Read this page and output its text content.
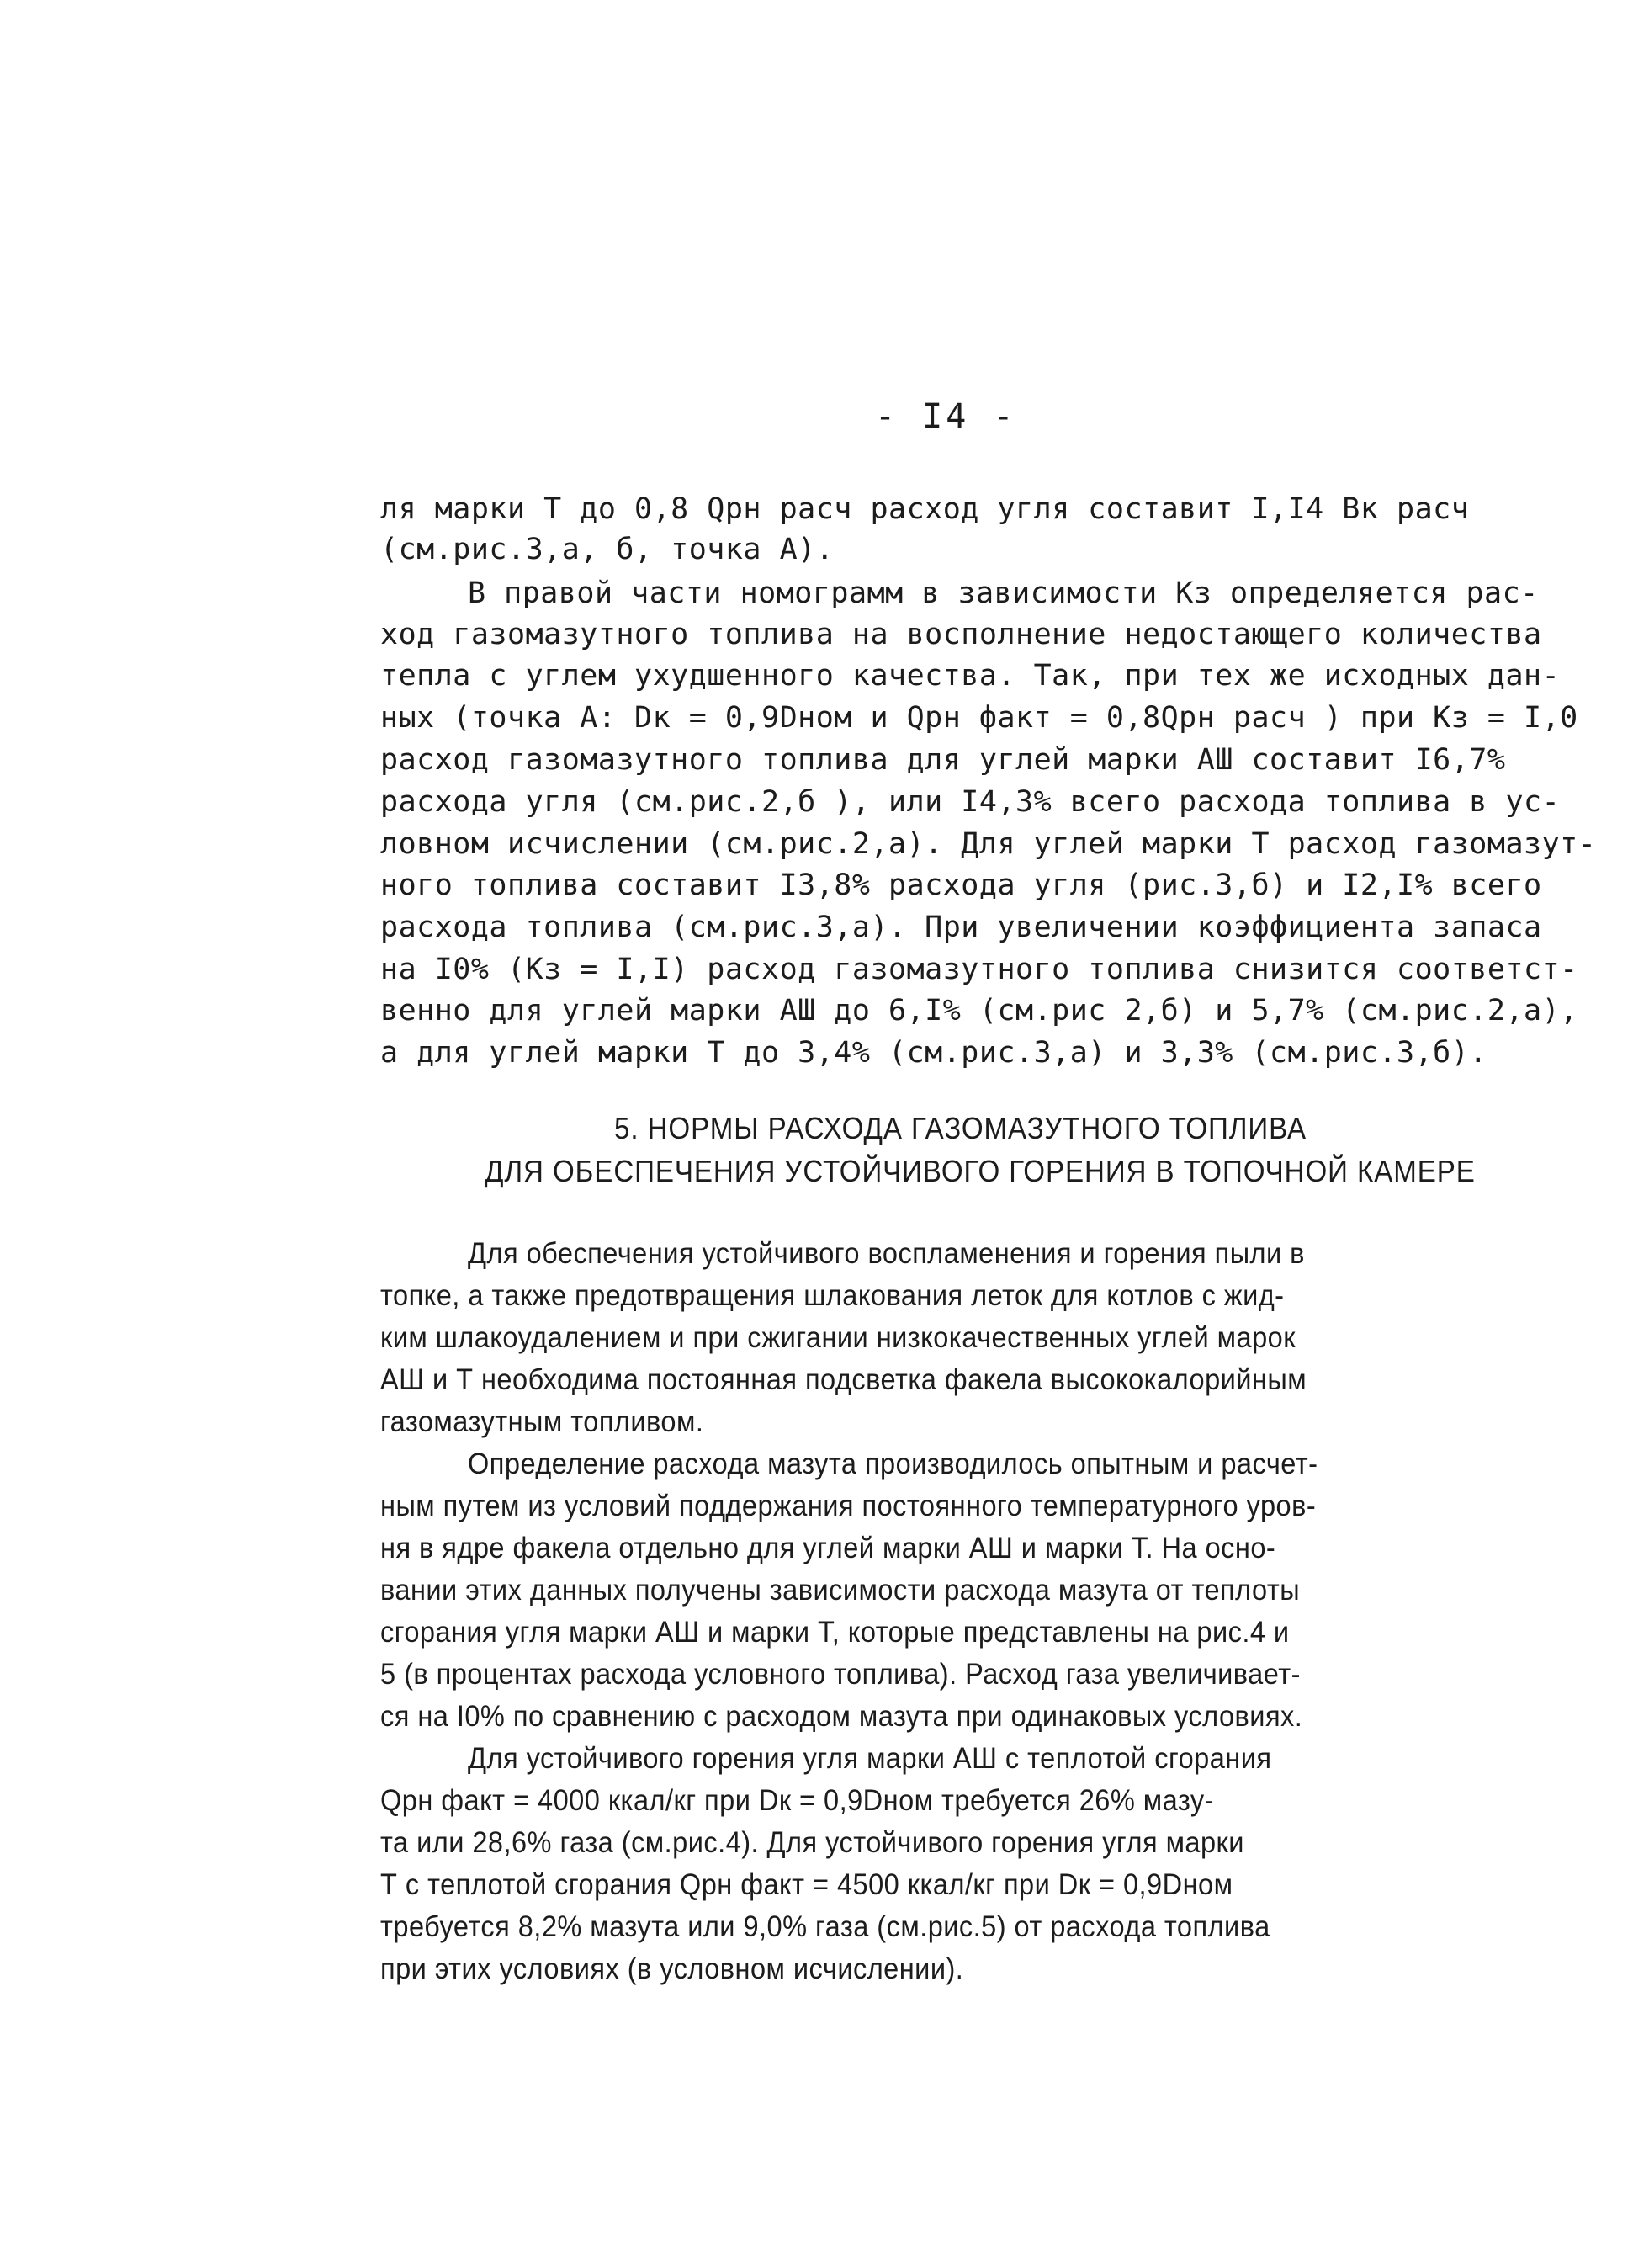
- I4 -
ля марки Т до 0,8 Qрн расч расход угля составит I,I4 Bк расч
(см.рис.3,а, б, точка А).
В правой части номограмм в зависимости Kз определяется рас-
ход газомазутного топлива на восполнение недостающего количества
тепла с углем ухудшенного качества. Так, при тех же исходных дан-
ных (точка А: Dк = 0,9Dном и Qрн факт = 0,8Qрн расч ) при Kз = I,0
расход газомазутного топлива для углей марки АШ составит I6,7%
расхода угля (см.рис.2,б ), или I4,3% всего расхода топлива в ус-
ловном исчислении (см.рис.2,а). Для углей марки Т расход газомазут-
ного топлива составит I3,8% расхода угля (рис.3,б) и I2,I% всего
расхода топлива (см.рис.3,а). При увеличении коэффициента запаса
на I0% (Kз = I,I) расход газомазутного топлива снизится соответст-
венно для углей марки АШ до 6,I% (см.рис 2,б) и 5,7% (см.рис.2,а),
а для углей марки Т до 3,4% (см.рис.3,а) и 3,3% (см.рис.3,б).
5. НОРМЫ РАСХОДА ГАЗОМАЗУТНОГО ТОПЛИВА
ДЛЯ ОБЕСПЕЧЕНИЯ УСТОЙЧИВОГО ГОРЕНИЯ В ТОПОЧНОЙ КАМЕРЕ
Для обеспечения устойчивого воспламенения и горения пыли в
топке, а также предотвращения шлакования леток для котлов с жид-
ким шлакоудалением и при сжигании низкокачественных углей марок
АШ и Т необходима постоянная подсветка факела высококалорийным
газомазутным топливом.
Определение расхода мазута производилось опытным и расчет-
ным путем из условий поддержания постоянного температурного уров-
ня в ядре факела отдельно для углей марки АШ и марки Т. На осно-
вании этих данных получены зависимости расхода мазута от теплоты
сгорания угля марки АШ и марки Т, которые представлены на рис.4 и
5 (в процентах расхода условного топлива). Расход газа увеличивает-
ся на I0% по сравнению с расходом мазута при одинаковых условиях.
Для устойчивого горения угля марки АШ с теплотой сгорания
Qрн факт = 4000 ккал/кг при Dк = 0,9Dном требуется 26% мазу-
та или 28,6% газа (см.рис.4). Для устойчивого горения угля марки
Т с теплотой сгорания Qрн факт = 4500 ккал/кг при Dк = 0,9Dном
требуется 8,2% мазута или 9,0% газа (см.рис.5) от расхода топлива
при этих условиях (в условном исчислении).
